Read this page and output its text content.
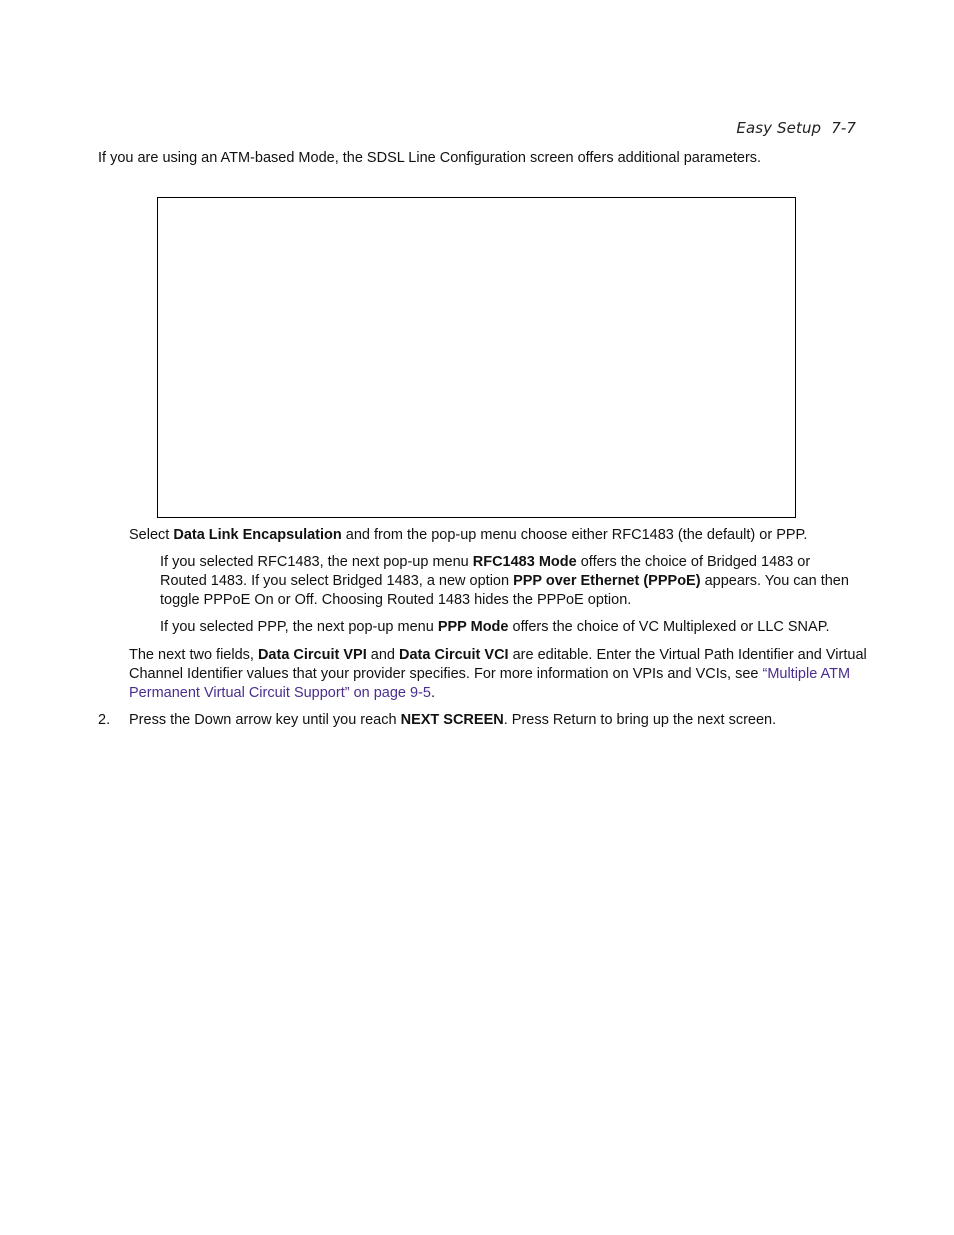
Easy Setup 7-7

If you are using an ATM-based Mode, the SDSL Line Configuration screen offers additional parameters.

Select Data Link Encapsulation and from the pop-up menu choose either RFC1483 (the default) or PPP.

If you selected RFC1483, the next pop-up menu RFC1483 Mode offers the choice of Bridged 1483 or Routed 1483. If you select Bridged 1483, a new option PPP over Ethernet (PPPoE) appears. You can then toggle PPPoE On or Off. Choosing Routed 1483 hides the PPPoE option.

If you selected PPP, the next pop-up menu PPP Mode offers the choice of VC Multiplexed or LLC SNAP.

The next two fields, Data Circuit VPI and Data Circuit VCI are editable. Enter the Virtual Path Identifier and Virtual Channel Identifier values that your provider specifies. For more information on VPIs and VCIs, see “Multiple ATM Permanent Virtual Circuit Support” on page 9-5.

2. Press the Down arrow key until you reach NEXT SCREEN. Press Return to bring up the next screen.
